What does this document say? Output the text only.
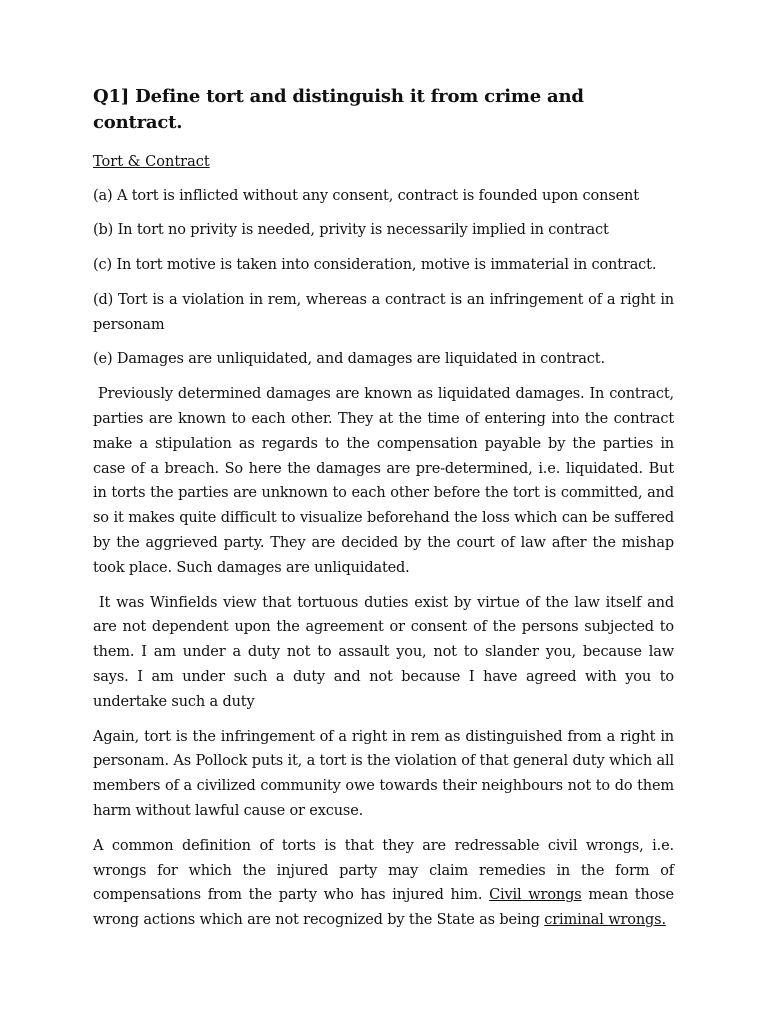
Q1] Define tort and distinguish it from crime and contract.
Tort & Contract
(a) A tort is inflicted without any consent, contract is founded upon consent
(b) In tort no privity is needed, privity is necessarily implied in contract
(c) In tort motive is taken into consideration, motive is immaterial in contract.
(d) Tort is a violation in rem, whereas a contract is an infringement of a right in personam
(e) Damages are unliquidated, and damages are liquidated in contract.
Previously determined damages are known as liquidated damages. In contract, parties are known to each other. They at the time of entering into the contract make a stipulation as regards to the compensation payable by the parties in case of a breach. So here the damages are pre-determined, i.e. liquidated. But in torts the parties are unknown to each other before the tort is committed, and so it makes quite difficult to visualize beforehand the loss which can be suffered by the aggrieved party. They are decided by the court of law after the mishap took place. Such damages are unliquidated.
It was Winfields view that tortuous duties exist by virtue of the law itself and are not dependent upon the agreement or consent of the persons subjected to them. I am under a duty not to assault you, not to slander you, because law says. I am under such a duty and not because I have agreed with you to undertake such a duty
Again, tort is the infringement of a right in rem as distinguished from a right in personam. As Pollock puts it, a tort is the violation of that general duty which all members of a civilized community owe towards their neighbours not to do them harm without lawful cause or excuse.
A common definition of torts is that they are redressable civil wrongs, i.e. wrongs for which the injured party may claim remedies in the form of compensations from the party who has injured him. Civil wrongs mean those wrong actions which are not recognized by the State as being criminal wrongs.
